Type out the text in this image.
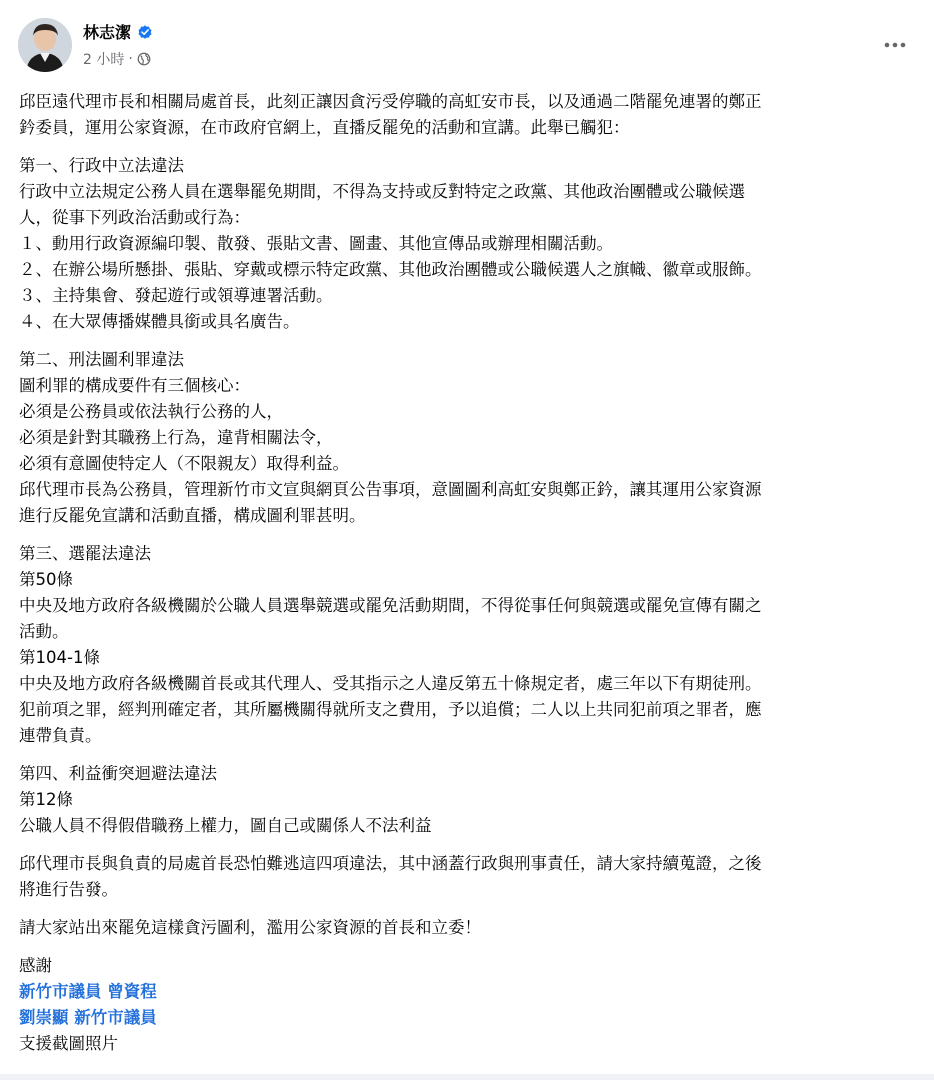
林志潔
2 小時 ·
邱臣遠代理市長和相關局處首長，此刻正讓因貪污受停職的高虹安市長，以及通過二階罷免連署的鄭正
鈐委員，運用公家資源，在市政府官網上，直播反罷免的活動和宣講。此舉已觸犯：
第一、行政中立法違法
行政中立法規定公務人員在選舉罷免期間，不得為支持或反對特定之政黨、其他政治團體或公職候選
人，從事下列政治活動或行為：
１、動用行政資源編印製、散發、張貼文書、圖畫、其他宣傳品或辦理相關活動。
２、在辦公場所懸掛、張貼、穿戴或標示特定政黨、其他政治團體或公職候選人之旗幟、徽章或服飾。
３、主持集會、發起遊行或領導連署活動。
４、在大眾傳播媒體具銜或具名廣告。
第二、刑法圖利罪違法
圖利罪的構成要件有三個核心：
必須是公務員或依法執行公務的人，
必須是針對其職務上行為，違背相關法令，
必須有意圖使特定人（不限親友）取得利益。
邱代理市長為公務員，管理新竹市文宣與網頁公告事項，意圖圖利高虹安與鄭正鈐，讓其運用公家資源
進行反罷免宣講和活動直播，構成圖利罪甚明。
第三、選罷法違法
第50條
中央及地方政府各級機關於公職人員選舉競選或罷免活動期間，不得從事任何與競選或罷免宣傳有關之
活動。
第104-1條
中央及地方政府各級機關首長或其代理人、受其指示之人違反第五十條規定者，處三年以下有期徒刑。
犯前項之罪，經判刑確定者，其所屬機關得就所支之費用，予以追償；二人以上共同犯前項之罪者，應
連帶負責。
第四、利益衝突迴避法違法
第12條
公職人員不得假借職務上權力，圖自己或關係人不法利益
邱代理市長與負責的局處首長恐怕難逃這四項違法，其中涵蓋行政與刑事責任，請大家持續蒐證，之後
將進行告發。
請大家站出來罷免這樣貪污圖利，濫用公家資源的首長和立委！
感謝
新竹市議員 曾資程
劉崇顯 新竹市議員
支援截圖照片
